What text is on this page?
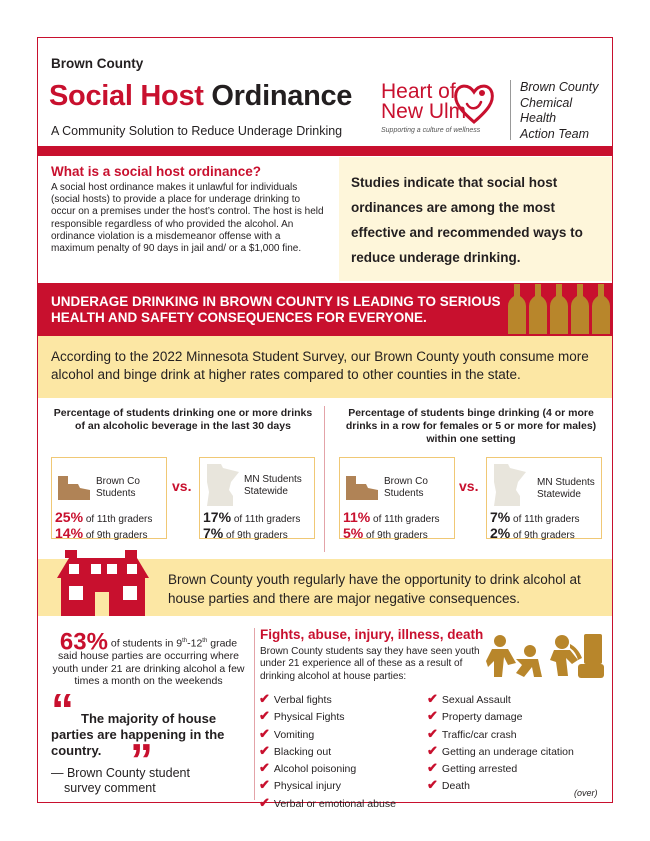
Brown County
Social Host Ordinance
A Community Solution to Reduce Underage Drinking
Heart of
New Ulm
Supporting a culture of wellness
Brown County
Chemical
Health
Action Team
What is a social host ordinance?
A social host ordinance makes it unlawful for individuals (social hosts) to provide a place for underage drinking to occur on a premises under the host’s control. The host is held responsible regardless of who provided the alcohol. An ordinance violation is a misdemeanor offense with a maximum penalty of 90 days in jail and/ or a $1,000 fine.
Studies indicate that social host ordinances are among the most effective and recommended ways to reduce underage drinking.
UNDERAGE DRINKING IN BROWN COUNTY IS LEADING TO SERIOUS HEALTH AND SAFETY CONSEQUENCES FOR EVERYONE.
According to the 2022 Minnesota Student Survey, our Brown County youth consume more alcohol and binge drink at higher rates compared to other counties in the state.
Percentage of students drinking one or more drinks of an alcoholic beverage in the last 30 days
Brown Co Students
25% of 11th graders
14% of 9th graders
vs.	MN Students Statewide
17% of 11th graders
7% of 9th graders
Percentage of students binge drinking (4 or more drinks in a row for females or 5 or more for males) within one setting
Brown Co Students
11% of 11th graders
5% of 9th graders
vs.	MN Students Statewide
7% of 11th graders
2% of 9th graders
Brown County youth regularly have the opportunity to drink alcohol at house parties and there are major negative consequences.
63% of students in 9th-12th grade said house parties are occurring where youth under 21 are drinking alcohol a few times a month on the weekends
“ The majority of house parties are happening in the country. ”
— Brown County student
survey comment
Fights, abuse, injury, illness, death
Brown County students say they have seen youth under 21 experience all of these as a result of drinking alcohol at house parties:
✔ Verbal fights
✔ Physical Fights
✔ Vomiting
✔ Blacking out
✔ Alcohol poisoning
✔ Physical injury
✔ Verbal or emotional abuse
✔ Sexual Assault
✔ Property damage
✔ Traffic/car crash
✔ Getting an underage citation
✔ Getting arrested
✔ Death
(over)
